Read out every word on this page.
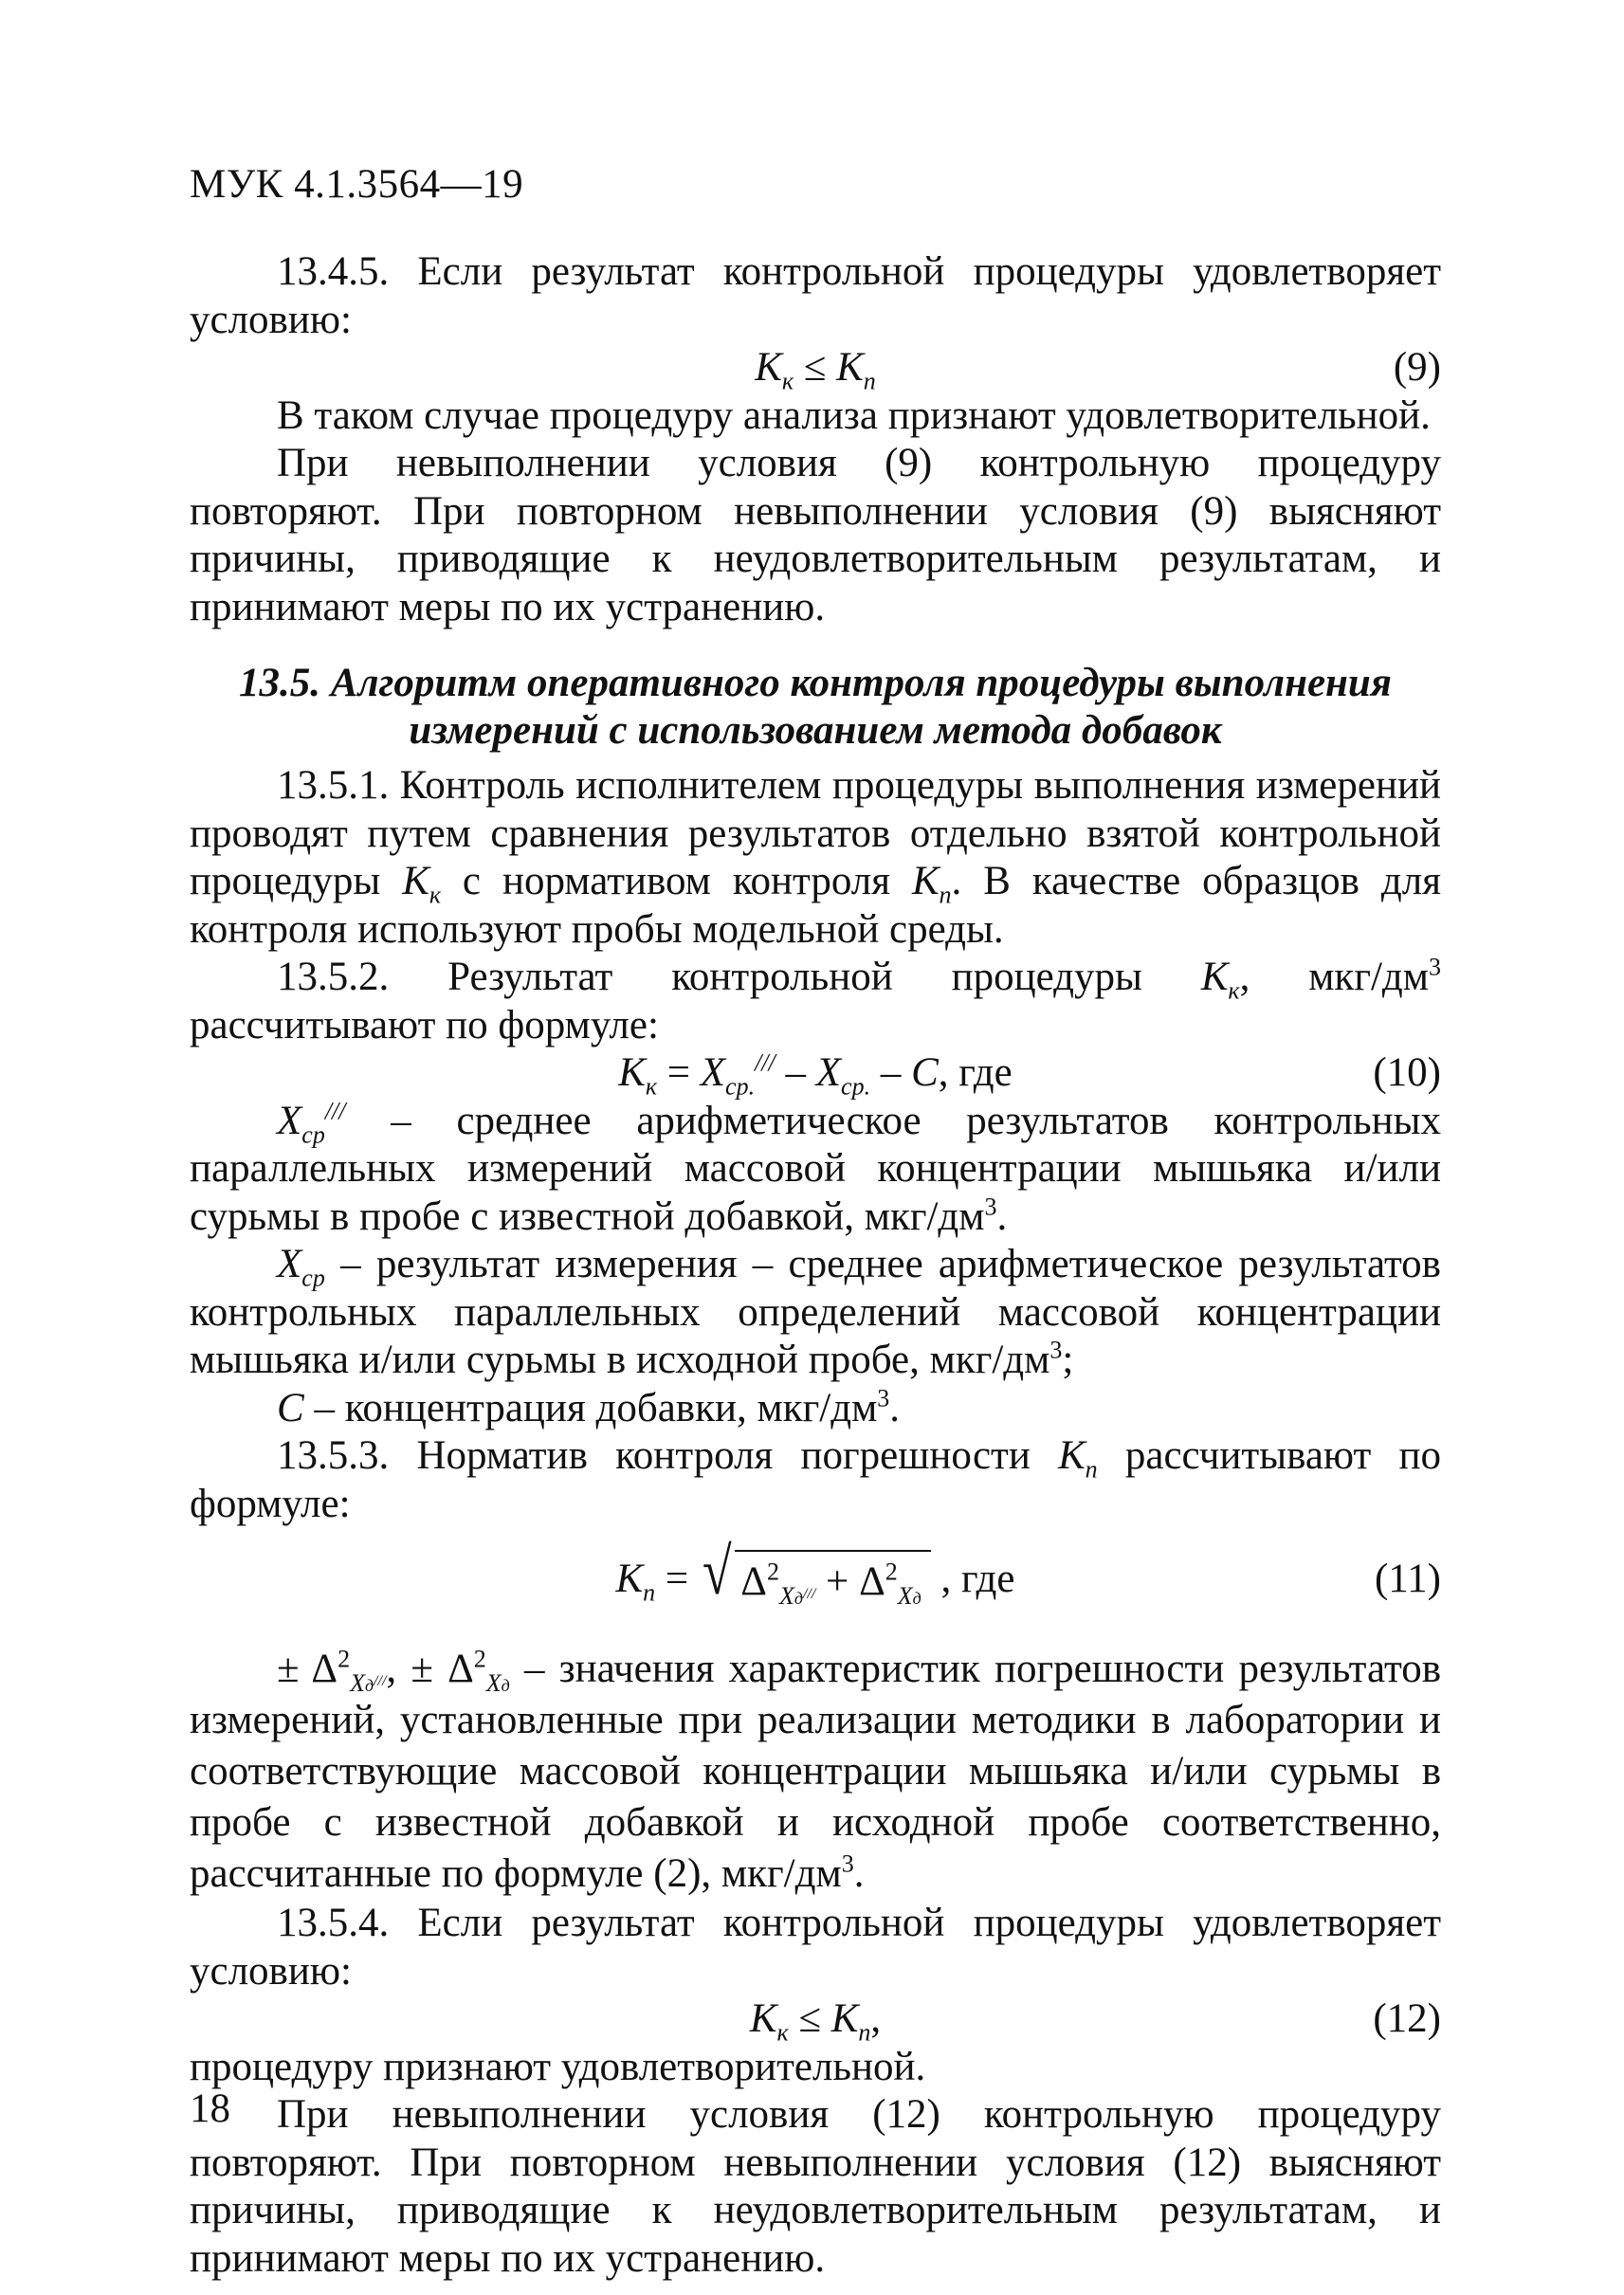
МУК 4.1.3564—19

13.4.5. Если результат контрольной процедуры удовлетворяет условию:

$К_к \le К_п$	(9)

В таком случае процедуру анализа признают удовлетворительной.

При невыполнении условия (9) контрольную процедуру повторяют. При повторном невыполнении условия (9) выясняют причины, приводящие к неудовлетворительным результатам, и принимают меры по их устранению.

13.5. Алгоритм оперативного контроля процедуры выполнения
измерений с использованием метода добавок

13.5.1. Контроль исполнителем процедуры выполнения измерений проводят путем сравнения результатов отдельно взятой контрольной процедуры $К_к$ с нормативом контроля $К_п$. В качестве образцов для контроля используют пробы модельной среды.

13.5.2. Результат контрольной процедуры $К_к$, мкг/$дм^3$ рассчитывают по формуле:

$К_к = Х_{ср.}^{///} - Х_{ср.} - С$, где	(10)

$Х_{ср}^{///}$ – среднее арифметическое результатов контрольных параллельных измерений массовой концентрации мышьяка и/или сурьмы в пробе с известной добавкой, мкг/$дм^3$.

$Х_{ср}$ – результат измерения – среднее арифметическое результатов контрольных параллельных определений массовой концентрации мышьяка и/или сурьмы в исходной пробе, мкг/$дм^3$;

С – концентрация добавки, мкг/$дм^3$.

13.5.3. Норматив контроля погрешности $К_п$ рассчитывают по формуле:

$К_п$ = √ $\Delta^2_{Хд^{///}} + \Delta^2_{Хд}$ , где	(11)

± $\Delta^2_{Хд^{///}}$, ± $\Delta^2_{Хд}$ – значения характеристик погрешности результатов измерений, установленные при реализации методики в лаборатории и соответствующие массовой концентрации мышьяка и/или сурьмы в пробе с известной добавкой и исходной пробе соответственно, рассчитанные по формуле (2), мкг/$дм^3$.

13.5.4. Если результат контрольной процедуры удовлетворяет условию:

$К_к \le К_п$,	(12)

процедуру признают удовлетворительной.

При невыполнении условия (12) контрольную процедуру повторяют. При повторном невыполнении условия (12) выясняют причины, приводящие к неудовлетворительным результатам, и принимают меры по их устранению.

18
